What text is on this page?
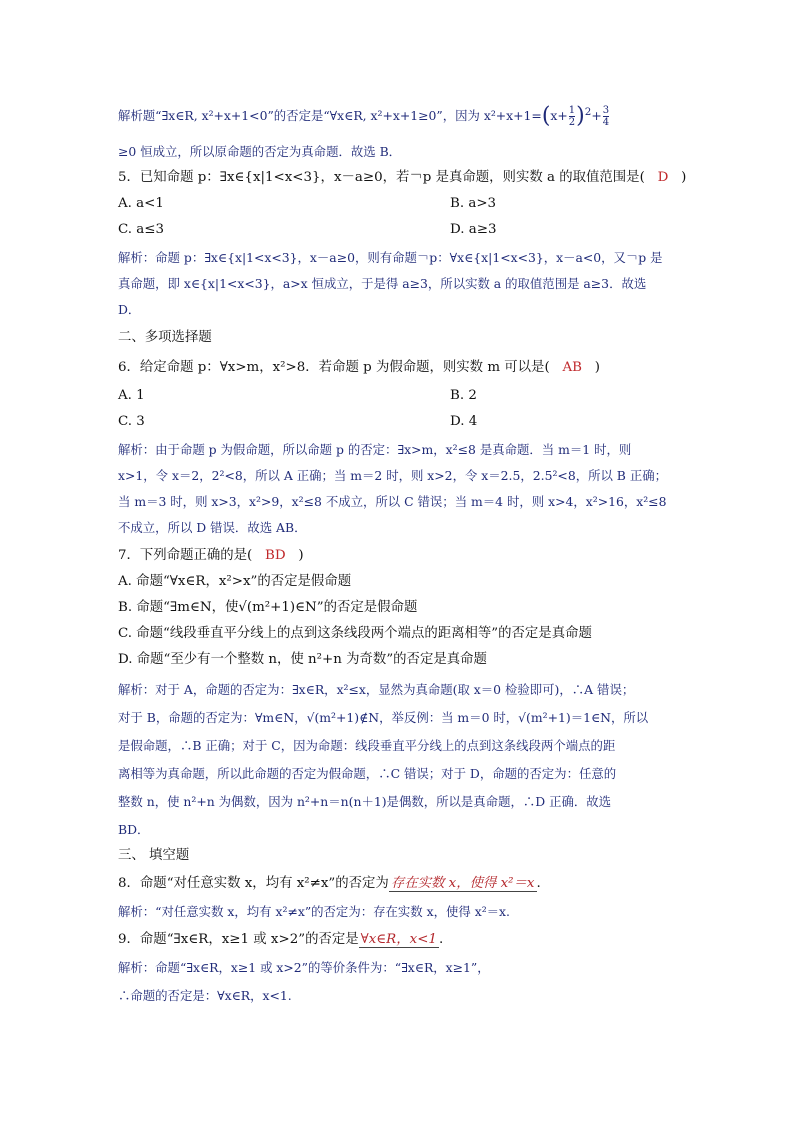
解析题“∃x∈R, x²+x+1<0”的否定是“∀x∈R, x²+x+1≥0”，因为 $x^2+x+1=(x+ \frac{1}{2} )^2+ \frac{3}{4}$
≥0 恒成立，所以原命题的否定为真命题．故选 B．
5．已知命题 p：∃x∈{x|1<x<3}，x－a≥0，若￢p 是真命题，则实数 a 的取值范围是( D   )
A. a<1	B. a>3
C. a≤3	D. a≥3
解析：命题 p：∃x∈{x|1<x<3}，x－a≥0，则有命题￢p：∀x∈{x|1<x<3}，x－a<0，又￢p 是
真命题，即 x∈{x|1<x<3}，a>x 恒成立，于是得 a≥3，所以实数 a 的取值范围是 a≥3．故选
D．
二、多项选择题
6．给定命题 p：∀x>m，x²>8．若命题 p 为假命题，则实数 m 可以是( AB   )
A. 1	B. 2
C. 3	D. 4
解析：由于命题 p 为假命题，所以命题 p 的否定：∃x>m，x²≤8 是真命题．当 m＝1 时，则
x>1，令 x＝2，2²<8，所以 A 正确；当 m＝2 时，则 x>2，令 x＝2.5，2.5²<8，所以 B 正确；
当 m＝3 时，则 x>3，x²>9，x²≤8 不成立，所以 C 错误；当 m＝4 时，则 x>4，x²>16，x²≤8
不成立，所以 D 错误．故选 AB．
7．下列命题正确的是( BD   )
A. 命题“∀x∈R，x²>x”的否定是假命题
B. 命题“∃m∈N，使√(m²+1)∈N”的否定是假命题
C. 命题“线段垂直平分线上的点到这条线段两个端点的距离相等”的否定是真命题
D. 命题“至少有一个整数 n，使 n²+n 为奇数”的否定是真命题
解析：对于 A，命题的否定为：∃x∈R，x²≤x，显然为真命题(取 x＝0 检验即可)，∴A 错误；
对于 B，命题的否定为：∀m∈N，√(m²+1)∉N，举反例：当 m＝0 时，√(m²+1)＝1∈N，所以
是假命题，∴B 正确；对于 C，因为命题：线段垂直平分线上的点到这条线段两个端点的距
离相等为真命题，所以此命题的否定为假命题，∴C 错误；对于 D，命题的否定为：任意的
整数 n，使 n²+n 为偶数，因为 n²+n＝n(n＋1)是偶数，所以是真命题，∴D 正确．故选
BD．
三、 填空题
8．命题“对任意实数 x，均有 x²≠x”的否定为 存在实数 x，使得 x²＝x .
解析：“对任意实数 x，均有 x²≠x”的否定为：存在实数 x，使得 x²＝x.
9．命题“∃x∈R，x≥1 或 x>2”的否定是 ∀x∈R，x<1 .
解析：命题“∃x∈R，x≥1 或 x>2”的等价条件为：“∃x∈R，x≥1”，
∴命题的否定是：∀x∈R，x<1.
